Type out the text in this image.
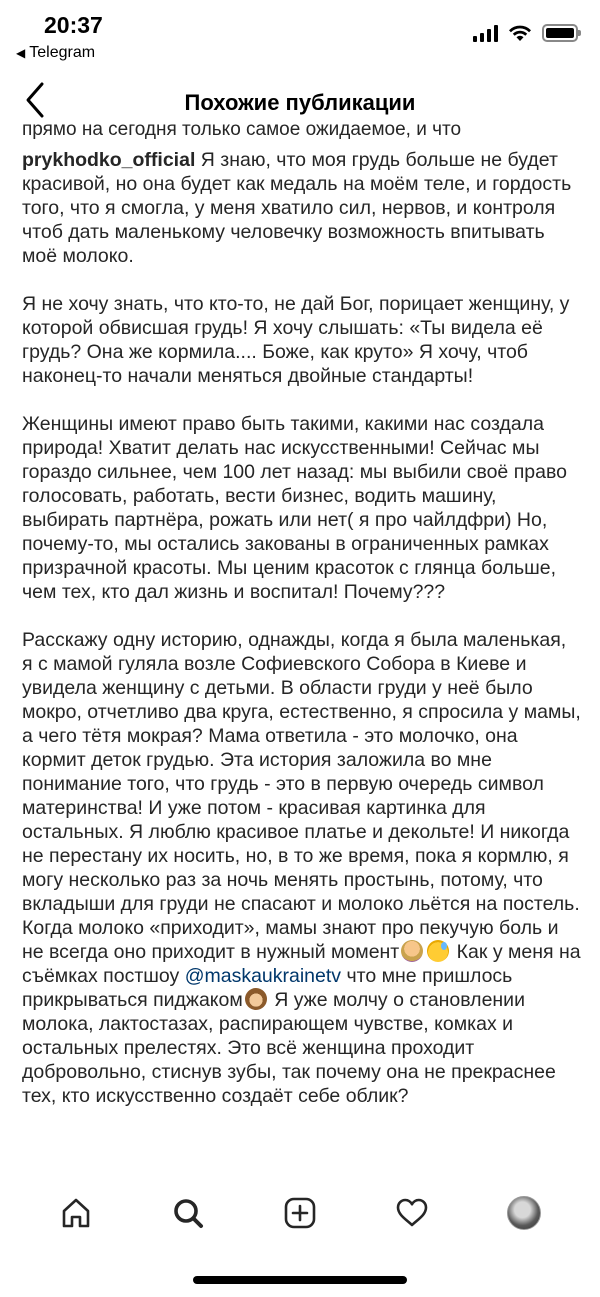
20:37
◀ Telegram
Похожие публикации
прямо на сегодня только самое ожидаемое, и что

prykhodko_official Я знаю, что моя грудь больше не будет красивой, но она будет как медаль на моём теле, и гордость того, что я смогла, у меня хватило сил, нервов, и контроля чтоб дать маленькому человечку возможность впитывать моё молоко.

Я не хочу знать, что кто-то, не дай Бог, порицает женщину, у которой обвисшая грудь! Я хочу слышать: «Ты видела её грудь? Она же кормила.... Боже, как круто» Я хочу, чтоб наконец-то начали меняться двойные стандарты!

Женщины имеют право быть такими, какими нас создала природа! Хватит делать нас искусственными! Сейчас мы гораздо сильнее, чем 100 лет назад: мы выбили своё право голосовать, работать, вести бизнес, водить машину, выбирать партнёра, рожать или нет( я про чайлдфри) Но, почему-то, мы остались закованы в ограниченных рамках призрачной красоты. Мы ценим красоток с глянца больше, чем тех, кто дал жизнь и воспитал! Почему???

Расскажу одну историю, однажды, когда я была маленькая, я с мамой гуляла возле Софиевского Собора в Киеве и увидела женщину с детьми. В области груди у неё было мокро, отчетливо два круга, естественно, я спросила у мамы, а чего тётя мокрая? Мама ответила - это молочко, она кормит деток грудью. Эта история заложила во мне понимание того, что грудь - это в первую очередь символ материнства! И уже потом - красивая картинка для остальных. Я люблю красивое платье и декольте! И никогда не перестану их носить, но, в то же время, пока я кормлю, я могу несколько раз за ночь менять простынь, потому, что вкладыши для груди не спасают и молоко льётся на постель. Когда молоко «приходит», мамы знают про пекучую боль и не всегда оно приходит в нужный момент	Как у меня на съёмках постшоу @maskaukrainetv что мне пришлось прикрываться пиджаком Я уже молчу о становлении молока, лактостазах, распирающем чувстве, комках и остальных прелестях. Это всё женщина проходит добровольно, стиснув зубы, так почему она не прекраснее тех, кто искусственно создаёт себе облик?
